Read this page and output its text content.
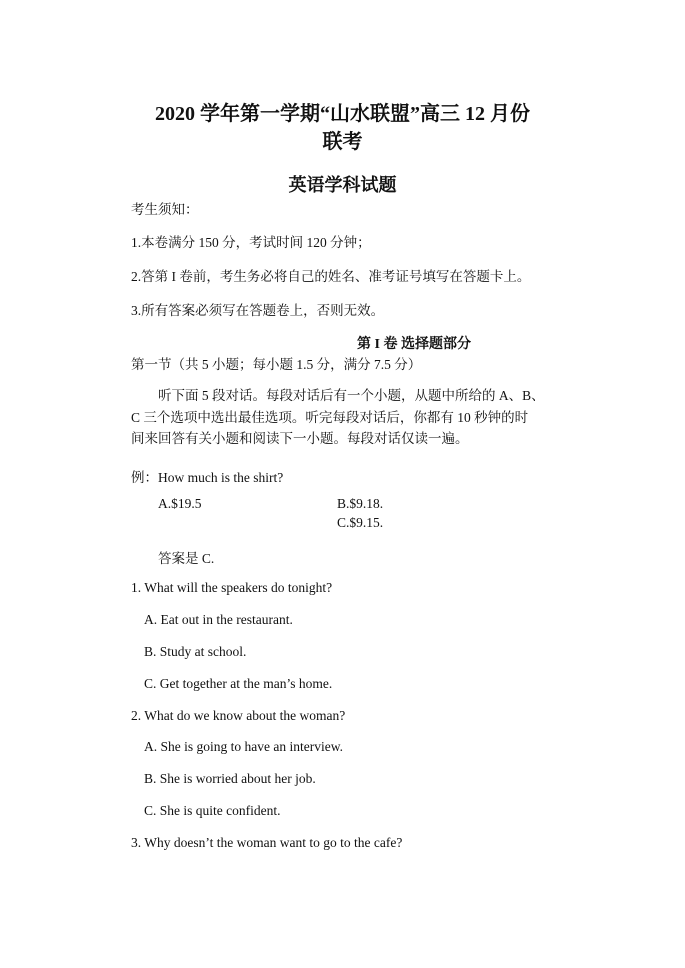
2020 学年第一学期“山水联盟”高三 12 月份
联考
英语学科试题
考生须知：
1.本卷满分 150 分，考试时间 120 分钟；
2.答第 I 卷前，考生务必将自己的姓名、准考证号填写在答题卡上。
3.所有答案必须写在答题卷上，否则无效。
第 I 卷 选择题部分
第一节（共 5 小题；每小题 1.5 分，满分 7.5 分）

听下面 5 段对话。每段对话后有一个小题，从题中所给的 A、B、

C 三个选项中选出最佳选项。听完每段对话后，你都有 10 秒钟的时

间来回答有关小题和阅读下一小题。每段对话仅读一遍。

例：How much is the shirt?
A.$19.5	B.$9.18.
C.$9.15.
答案是 C.
1. What will the speakers do tonight?
A. Eat out in the restaurant.
B. Study at school.
C. Get together at the man’s home.
2. What do we know about the woman?
A. She is going to have an interview.
B. She is worried about her job.
C. She is quite confident.
3. Why doesn’t the woman want to go to the cafe?
